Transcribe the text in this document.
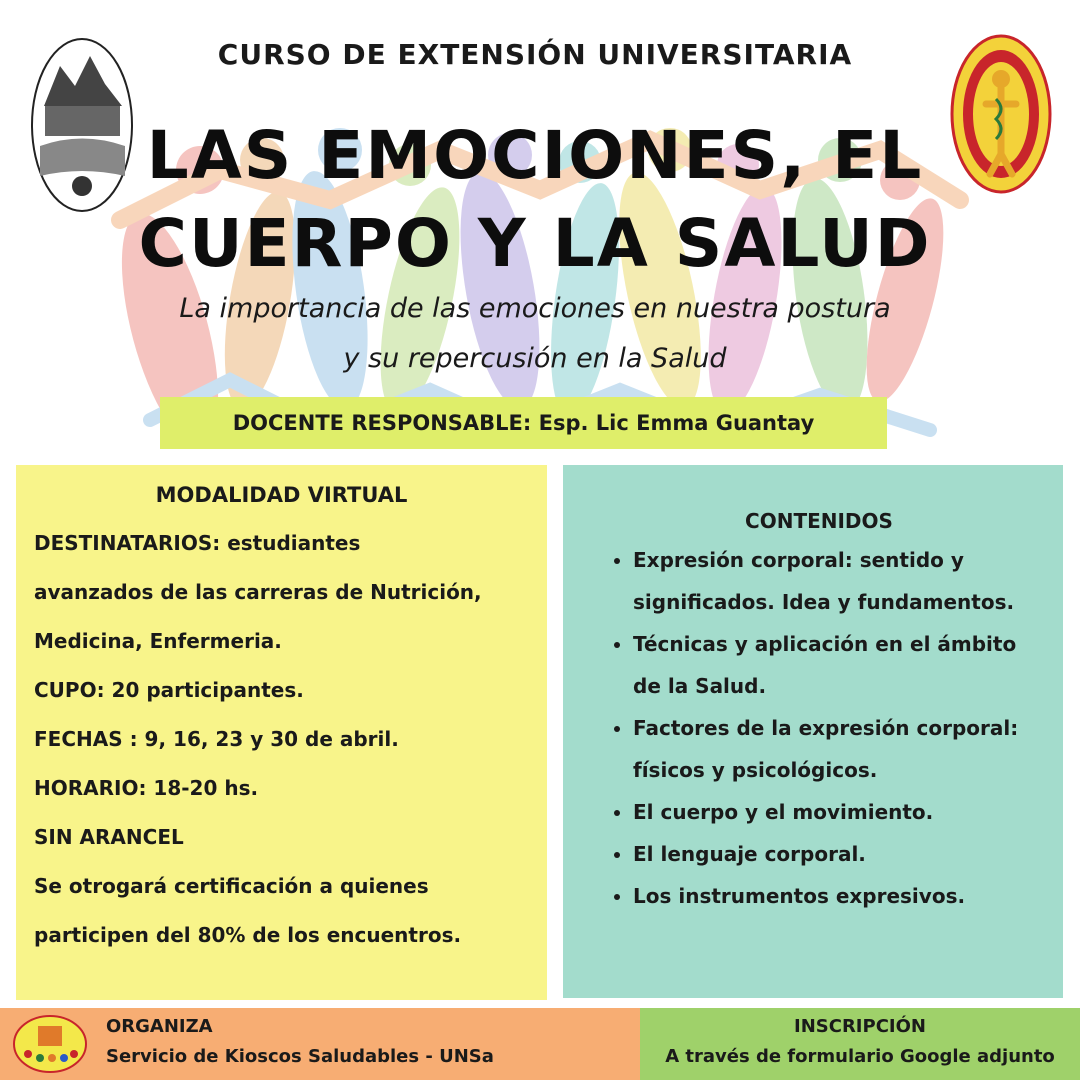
CURSO DE EXTENSIÓN UNIVERSITARIA
LAS EMOCIONES, EL
CUERPO Y LA SALUD
La importancia de las emociones en nuestra postura
y su repercusión en la Salud
DOCENTE RESPONSABLE: Esp. Lic Emma Guantay
MODALIDAD VIRTUAL

DESTINATARIOS: estudiantes

avanzados de las carreras de Nutrición,

Medicina, Enfermeria.

CUPO: 20 participantes.

FECHAS : 9, 16, 23 y 30 de abril.

HORARIO: 18-20 hs.

SIN ARANCEL

Se otrogará certificación a quienes

participen del 80% de los encuentros.

CONTENIDOS
• Expresión corporal: sentido y significados. Idea y fundamentos.
• Técnicas y aplicación en el ámbito de la Salud.
• Factores de la expresión corporal: físicos y psicológicos.
• El cuerpo y el movimiento.
• El lenguaje corporal.
• Los instrumentos expresivos.
ORGANIZA
Servicio de Kioscos Saludables - UNSa
INSCRIPCIÓN
A través de formulario Google adjunto
